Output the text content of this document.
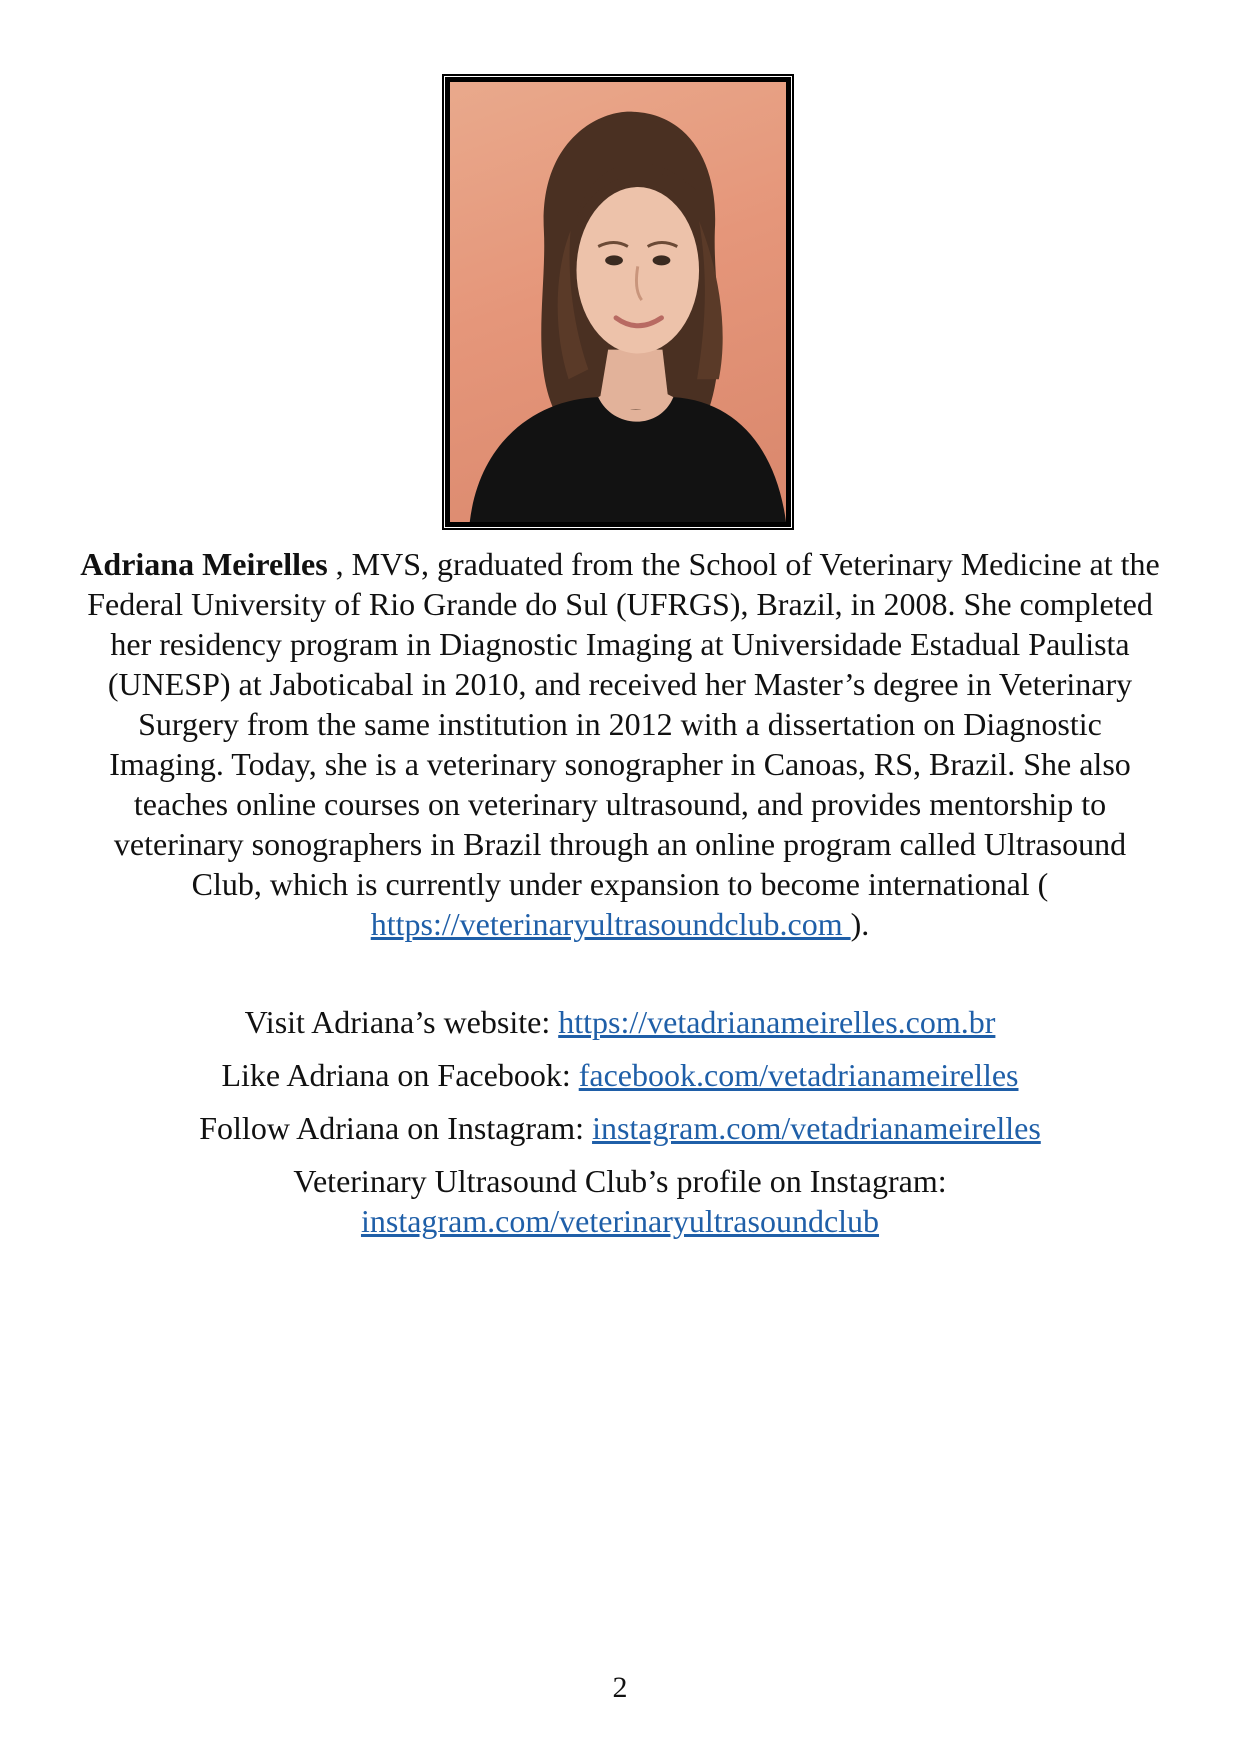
Adriana Meirelles , MVS, graduated from the School of Veterinary Medicine at the Federal University of Rio Grande do Sul (UFRGS), Brazil, in 2008. She completed her residency program in Diagnostic Imaging at Universidade Estadual Paulista (UNESP) at Jaboticabal in 2010, and received her Master’s degree in Veterinary Surgery from the same institution in 2012 with a dissertation on Diagnostic Imaging. Today, she is a veterinary sonographer in Canoas, RS, Brazil. She also teaches online courses on veterinary ultrasound, and provides mentorship to veterinary sonographers in Brazil through an online program called Ultrasound Club, which is currently under expansion to become international ( https://veterinaryultrasoundclub.com ).

Visit Adriana’s website: https://vetadrianameirelles.com.br

Like Adriana on Facebook: facebook.com/vetadrianameirelles

Follow Adriana on Instagram: instagram.com/vetadrianameirelles

Veterinary Ultrasound Club’s profile on Instagram:
instagram.com/veterinaryultrasoundclub

2
